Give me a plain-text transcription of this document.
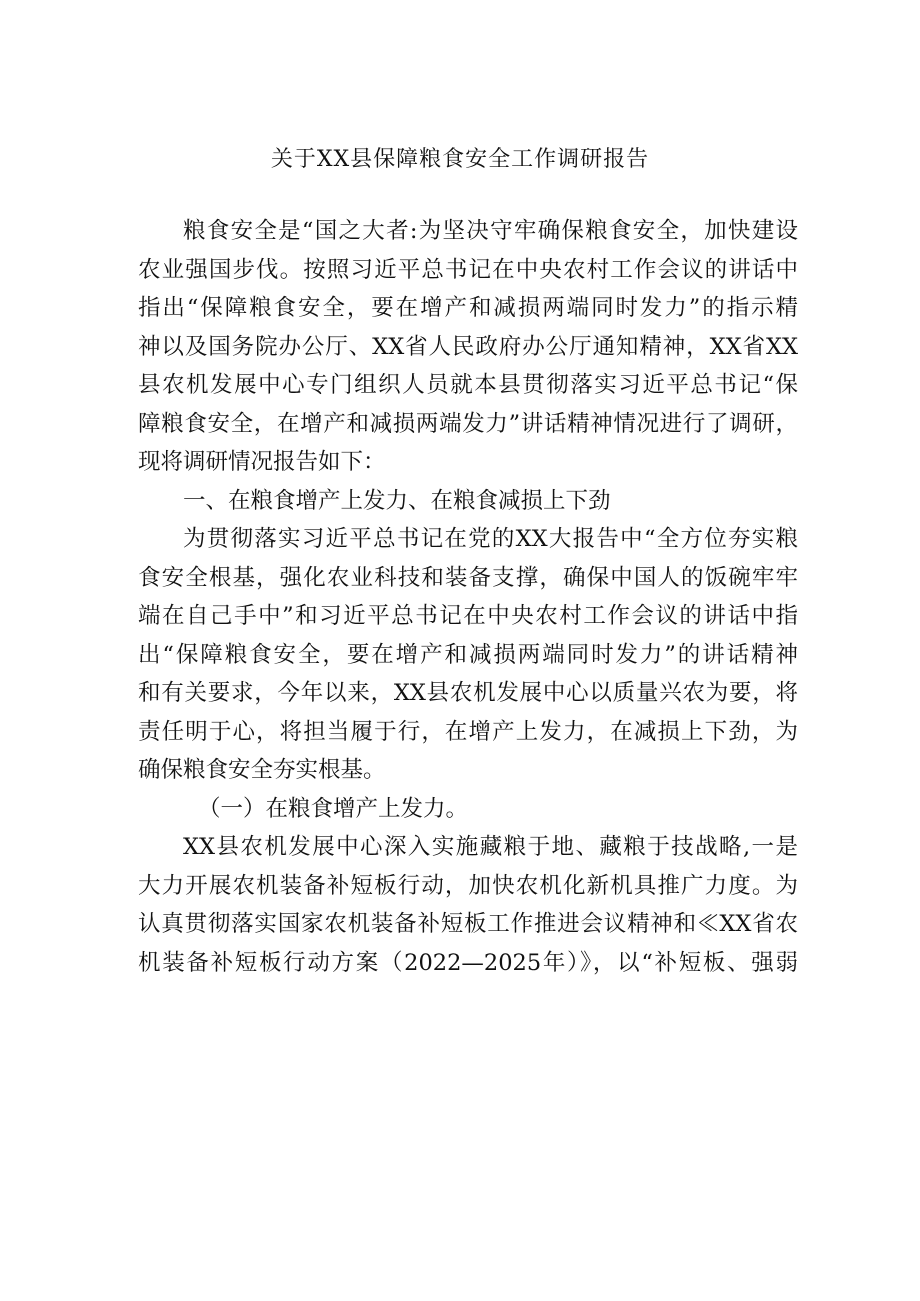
关于XX县保障粮食安全工作调研报告
粮食安全是“国之大者:为坚决守牢确保粮食安全，加快建设
农业强国步伐。按照习近平总书记在中央农村工作会议的讲话中
指出“保障粮食安全，要在增产和减损两端同时发力”的指示精
神以及国务院办公厅、XX省人民政府办公厅通知精神，XX省XX
县农机发展中心专门组织人员就本县贯彻落实习近平总书记“保
障粮食安全，在增产和减损两端发力”讲话精神情况进行了调研，
现将调研情况报告如下：
一、在粮食增产上发力、在粮食减损上下劲
为贯彻落实习近平总书记在党的XX大报告中“全方位夯实粮
食安全根基，强化农业科技和装备支撑，确保中国人的饭碗牢牢
端在自己手中”和习近平总书记在中央农村工作会议的讲话中指
出“保障粮食安全，要在增产和减损两端同时发力”的讲话精神
和有关要求，今年以来，XX县农机发展中心以质量兴农为要，将
责任明于心，将担当履于行，在增产上发力，在减损上下劲，为
确保粮食安全夯实根基。
（一）在粮食增产上发力。
XX县农机发展中心深入实施藏粮于地、藏粮于技战略,一是
大力开展农机装备补短板行动，加快农机化新机具推广力度。为
认真贯彻落实国家农机装备补短板工作推进会议精神和≪XX省农
机装备补短板行动方案（2022—2025年）》，以“补短板、强弱
